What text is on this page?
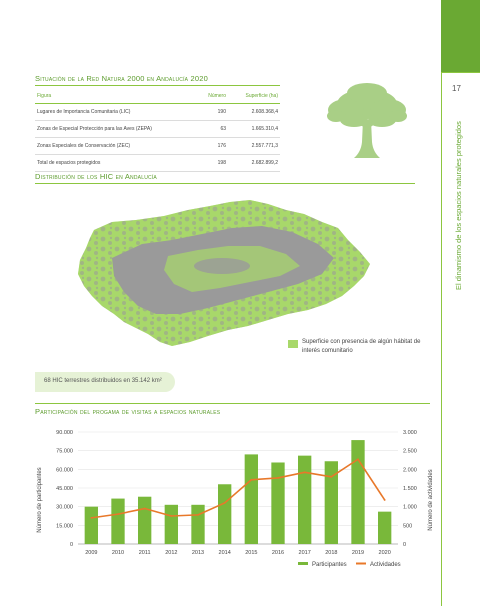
17
El dinamismo de los espacios naturales protegidos
Situación de la Red Natura 2000 en Andalucía 2020
Figura	Número	Superficie (ha)
Lugares de Importancia Comunitaria (LIC)	190	2.608.368,4
Zonas de Especial Protección para las Aves (ZEPA)	63	1.665.310,4
Zonas Especiales de Conservación (ZEC)	176	2.557.771,3
Total de espacios protegidos	198	2.682.899,2
Distribución de los HIC en Andalucía
Superficie con presencia de algún hábitat de interés comunitario
68 HIC terrestres distribuidos en 35.142 km²
Participación del progama de visitas a espacios naturales
0
15.000
30.000
45.000
60.000
75.000
90.000
0
500
1.000
1.500
2.000
2.500
3.000
2009	2010	2011	2012	2013	2014	2015	2016	2017	2018	2019	2020
Número de participantes	Número de actividades
Participantes	Actividades
